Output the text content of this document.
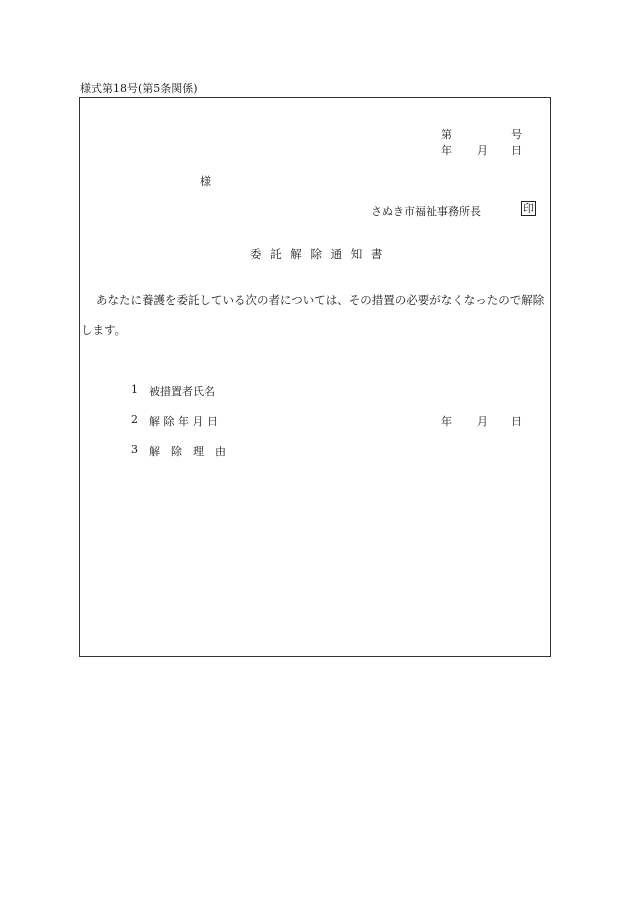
様式第18号(第5条関係)
第	号
年 月 日
様
さぬき市福祉事務所長	印
委 託 解 除 通 知 書
あなたに養護を委託している次の者については、その措置の必要がなくなったので解除
します。
1 被措置者氏名
2 解 除 年 月 日	年 月 日
3 解　除　理　由
